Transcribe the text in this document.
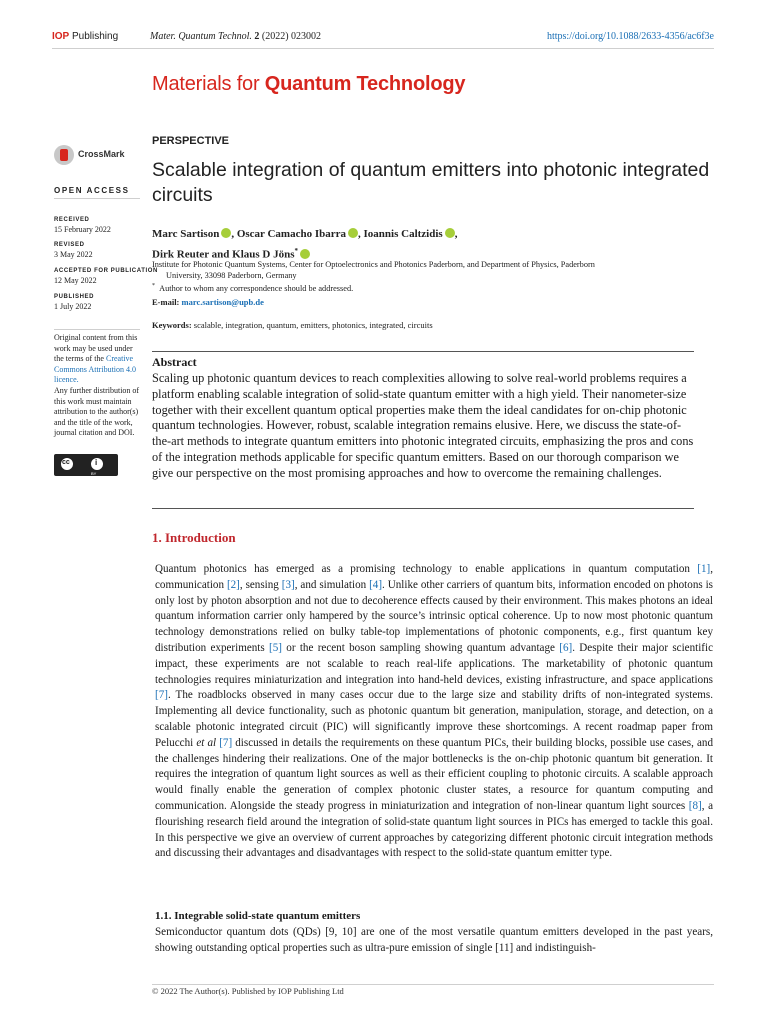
IOP Publishing	Mater. Quantum Technol. 2 (2022) 023002	https://doi.org/10.1088/2633-4356/ac6f3e
Materials for Quantum Technology
CrossMark
OPEN ACCESS
RECEIVED
15 February 2022
REVISED
3 May 2022
ACCEPTED FOR PUBLICATION
12 May 2022
PUBLISHED
1 July 2022
Original content from this work may be used under the terms of the Creative Commons Attribution 4.0 licence.
Any further distribution of this work must maintain attribution to the author(s) and the title of the work, journal citation and DOI.
cc	i
BY
PERSPECTIVE
Scalable integration of quantum emitters into photonic integrated circuits
Marc Sartison , Oscar Camacho Ibarra , Ioannis Caltzidis ,
Dirk Reuter and Klaus D Jöns*
Institute for Photonic Quantum Systems, Center for Optoelectronics and Photonics Paderborn, and Department of Physics, Paderborn
University, 33098 Paderborn, Germany
* Author to whom any correspondence should be addressed.
E-mail: marc.sartison@upb.de
Keywords: scalable, integration, quantum, emitters, photonics, integrated, circuits
Abstract
Scaling up photonic quantum devices to reach complexities allowing to solve real-world problems requires a platform enabling scalable integration of solid-state quantum emitter with a high yield. Their nanometer-size together with their excellent quantum optical properties make them the ideal candidates for on-chip photonic quantum technologies. However, robust, scalable integration remains elusive. Here, we discuss the state-of-the-art methods to integrate quantum emitters into photonic integrated circuits, emphasizing the pros and cons of the integration methods applicable for specific quantum emitters. Based on our thorough comparison we give our perspective on the most promising approaches and how to overcome the remaining challenges.
1. Introduction
Quantum photonics has emerged as a promising technology to enable applications in quantum computation [1], communication [2], sensing [3], and simulation [4]. Unlike other carriers of quantum bits, information encoded on photons is only lost by photon absorption and not due to decoherence effects caused by their environment. This makes photons an ideal quantum information carrier only hampered by the source’s intrinsic optical coherence. Up to now most photonic quantum technology demonstrations relied on bulky table-top implementations of photonic components, e.g., first quantum key distribution experiments [5] or the recent boson sampling showing quantum advantage [6]. Despite their major scientific impact, these experiments are not scalable to reach real-life applications. The marketability of photonic quantum technologies requires miniaturization and integration into hand-held devices, existing infrastructure, and space applications [7]. The roadblocks observed in many cases occur due to the large size and stability drifts of non-integrated systems. Implementing all device functionality, such as photonic quantum bit generation, manipulation, storage, and detection, on a scalable photonic integrated circuit (PIC) will significantly improve these shortcomings. A recent roadmap paper from Pelucchi et al [7] discussed in details the requirements on these quantum PICs, their building blocks, possible use cases, and the challenges hindering their realizations. One of the major bottlenecks is the on-chip photonic quantum bit generation. It requires the integration of quantum light sources as well as their efficient coupling to photonic circuits. A scalable approach would finally enable the generation of complex photonic cluster states, a resource for quantum computing and communication. Alongside the steady progress in miniaturization and integration of non-linear quantum light sources [8], a flourishing research field around the integration of solid-state quantum light sources in PICs has emerged to tackle this goal. In this perspective we give an overview of current approaches by categorizing different photonic circuit integration methods and discussing their advantages and disadvantages with respect to the solid-state quantum emitter type.
1.1. Integrable solid-state quantum emitters
Semiconductor quantum dots (QDs) [9, 10] are one of the most versatile quantum emitters developed in the past years, showing outstanding optical properties such as ultra-pure emission of single [11] and indistinguish-
© 2022 The Author(s). Published by IOP Publishing Ltd
